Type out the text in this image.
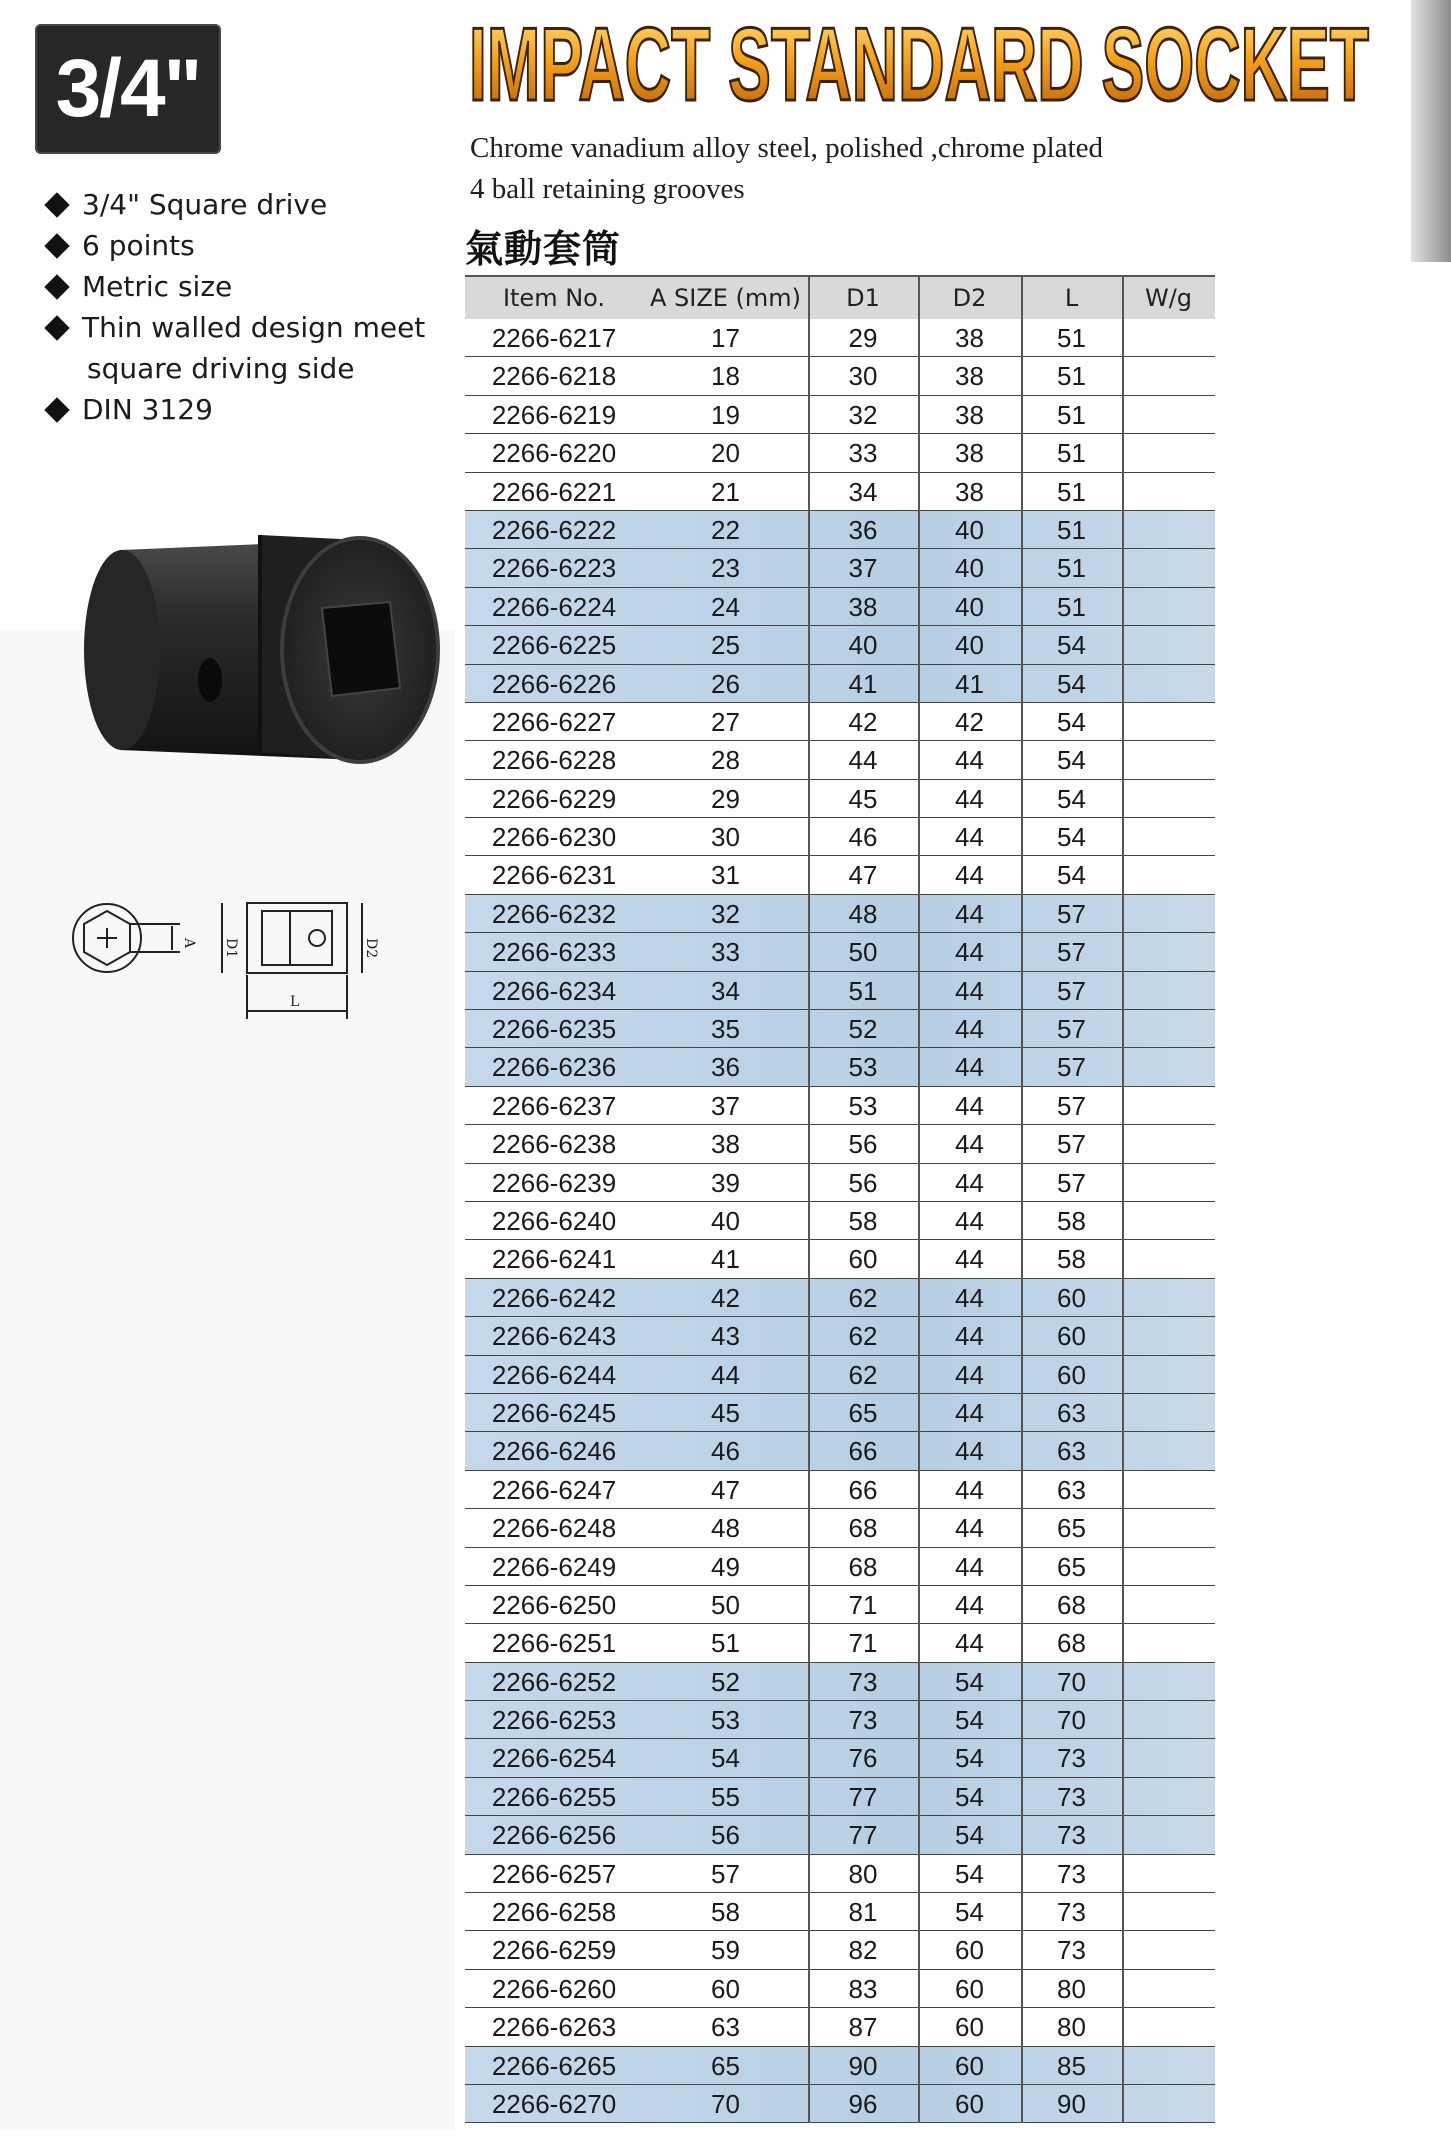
3/4"	IMPACT STANDARD SOCKET
Chrome vanadium alloy steel, polished ,chrome plated
4 ball retaining grooves
氣動套筒
3/4" Square drive
6 points
Metric size
Thin walled design meet
square driving side
DIN 3129
A D1	D2
L
Item No.	A SIZE (mm)	D1	D2	L	W/g
2266-6217	17	29	38	51
2266-6218	18	30	38	51
2266-6219	19	32	38	51
2266-6220	20	33	38	51
2266-6221	21	34	38	51
2266-6222	22	36	40	51
2266-6223	23	37	40	51
2266-6224	24	38	40	51
2266-6225	25	40	40	54
2266-6226	26	41	41	54
2266-6227	27	42	42	54
2266-6228	28	44	44	54
2266-6229	29	45	44	54
2266-6230	30	46	44	54
2266-6231	31	47	44	54
2266-6232	32	48	44	57
2266-6233	33	50	44	57
2266-6234	34	51	44	57
2266-6235	35	52	44	57
2266-6236	36	53	44	57
2266-6237	37	53	44	57
2266-6238	38	56	44	57
2266-6239	39	56	44	57
2266-6240	40	58	44	58
2266-6241	41	60	44	58
2266-6242	42	62	44	60
2266-6243	43	62	44	60
2266-6244	44	62	44	60
2266-6245	45	65	44	63
2266-6246	46	66	44	63
2266-6247	47	66	44	63
2266-6248	48	68	44	65
2266-6249	49	68	44	65
2266-6250	50	71	44	68
2266-6251	51	71	44	68
2266-6252	52	73	54	70
2266-6253	53	73	54	70
2266-6254	54	76	54	73
2266-6255	55	77	54	73
2266-6256	56	77	54	73
2266-6257	57	80	54	73
2266-6258	58	81	54	73
2266-6259	59	82	60	73
2266-6260	60	83	60	80
2266-6263	63	87	60	80
2266-6265	65	90	60	85
2266-6270	70	96	60	90
